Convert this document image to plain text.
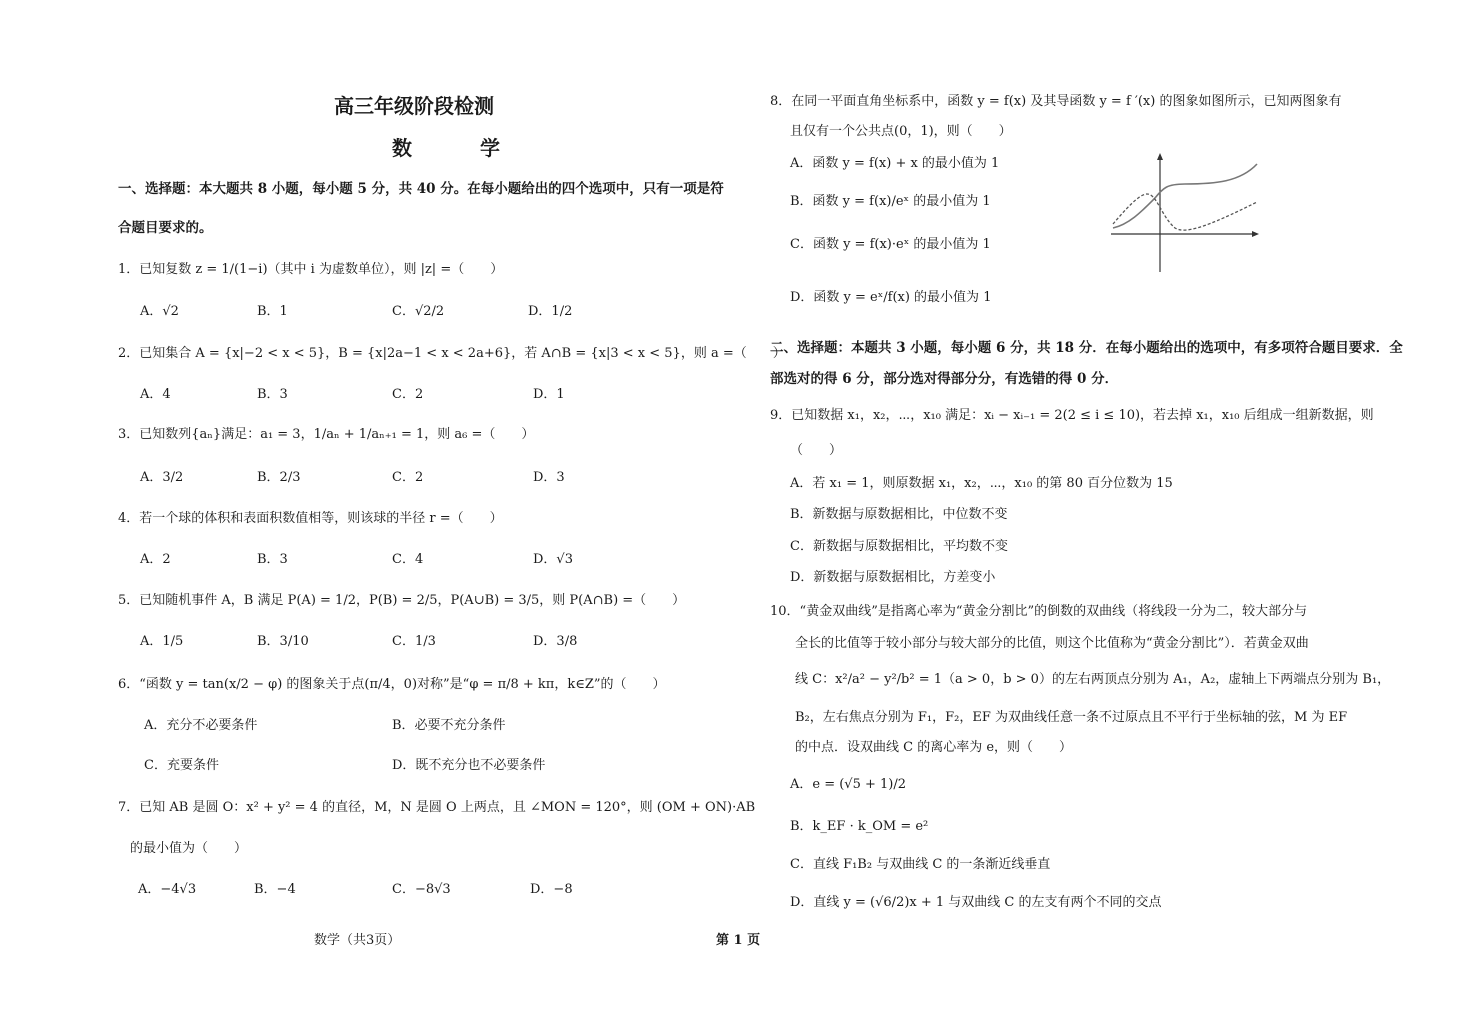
高三年级阶段检测
数　学
一、选择题：本大题共 8 小题，每小题 5 分，共 40 分。在每小题给出的四个选项中，只有一项是符
合题目要求的。
1．已知复数 z = 1/(1−i)（其中 i 为虚数单位），则 |z| =（　　）
A．√2	B．1	C．√2/2	D．1/2
2．已知集合 A = {x|−2 < x < 5}，B = {x|2a−1 < x < 2a+6}，若 A∩B = {x|3 < x < 5}，则 a =（　　）
A．4	B．3	C．2	D．1
3．已知数列{aₙ}满足：a₁ = 3，1/aₙ + 1/aₙ₊₁ = 1，则 a₆ =（　　）
A．3/2	B．2/3	C．2	D．3
4．若一个球的体积和表面积数值相等，则该球的半径 r =（　　）
A．2	B．3	C．4	D．√3
5．已知随机事件 A，B 满足 P(A) = 1/2，P(B) = 2/5，P(A∪B) = 3/5，则 P(A∩B) =（　　）
A．1/5	B．3/10	C．1/3	D．3/8
6．“函数 y = tan(x/2 − φ) 的图象关于点(π/4，0)对称”是“φ = π/8 + kπ，k∈Z”的（　　）
A．充分不必要条件	B．必要不充分条件
C．充要条件	D．既不充分也不必要条件
7．已知 AB 是圆 O：x² + y² = 4 的直径，M，N 是圆 O 上两点，且 ∠MON = 120°，则 (OM + ON)·AB
的最小值为（　　）
A．−4√3	B．−4	C．−8√3	D．−8
8．在同一平面直角坐标系中，函数 y = f(x) 及其导函数 y = f ′(x) 的图象如图所示，已知两图象有
且仅有一个公共点(0，1)，则（　　）
A．函数 y = f(x) + x 的最小值为 1
B．函数 y = f(x)/eˣ 的最小值为 1
C．函数 y = f(x)·eˣ 的最小值为 1
D．函数 y = eˣ/f(x) 的最小值为 1
二、选择题：本题共 3 小题，每小题 6 分，共 18 分．在每小题给出的选项中，有多项符合题目要求．全
部选对的得 6 分，部分选对得部分分，有选错的得 0 分．
9．已知数据 x₁，x₂，⋯，x₁₀ 满足：xᵢ − xᵢ₋₁ = 2(2 ≤ i ≤ 10)，若去掉 x₁，x₁₀ 后组成一组新数据，则
（　　）
A．若 x₁ = 1，则原数据 x₁，x₂，⋯，x₁₀ 的第 80 百分位数为 15
B．新数据与原数据相比，中位数不变
C．新数据与原数据相比，平均数不变
D．新数据与原数据相比，方差变小
10．“黄金双曲线”是指离心率为“黄金分割比”的倒数的双曲线（将线段一分为二，较大部分与
全长的比值等于较小部分与较大部分的比值，则这个比值称为“黄金分割比”）．若黄金双曲
线 C：x²/a² − y²/b² = 1（a > 0，b > 0）的左右两顶点分别为 A₁，A₂，虚轴上下两端点分别为 B₁，
B₂，左右焦点分别为 F₁，F₂，EF 为双曲线任意一条不过原点且不平行于坐标轴的弦，M 为 EF
的中点．设双曲线 C 的离心率为 e，则（　　）
A．e = (√5 + 1)/2
B．k_EF · k_OM = e²
C．直线 F₁B₂ 与双曲线 C 的一条渐近线垂直
D．直线 y = (√6/2)x + 1 与双曲线 C 的左支有两个不同的交点
数学（共3页）	第 1 页
